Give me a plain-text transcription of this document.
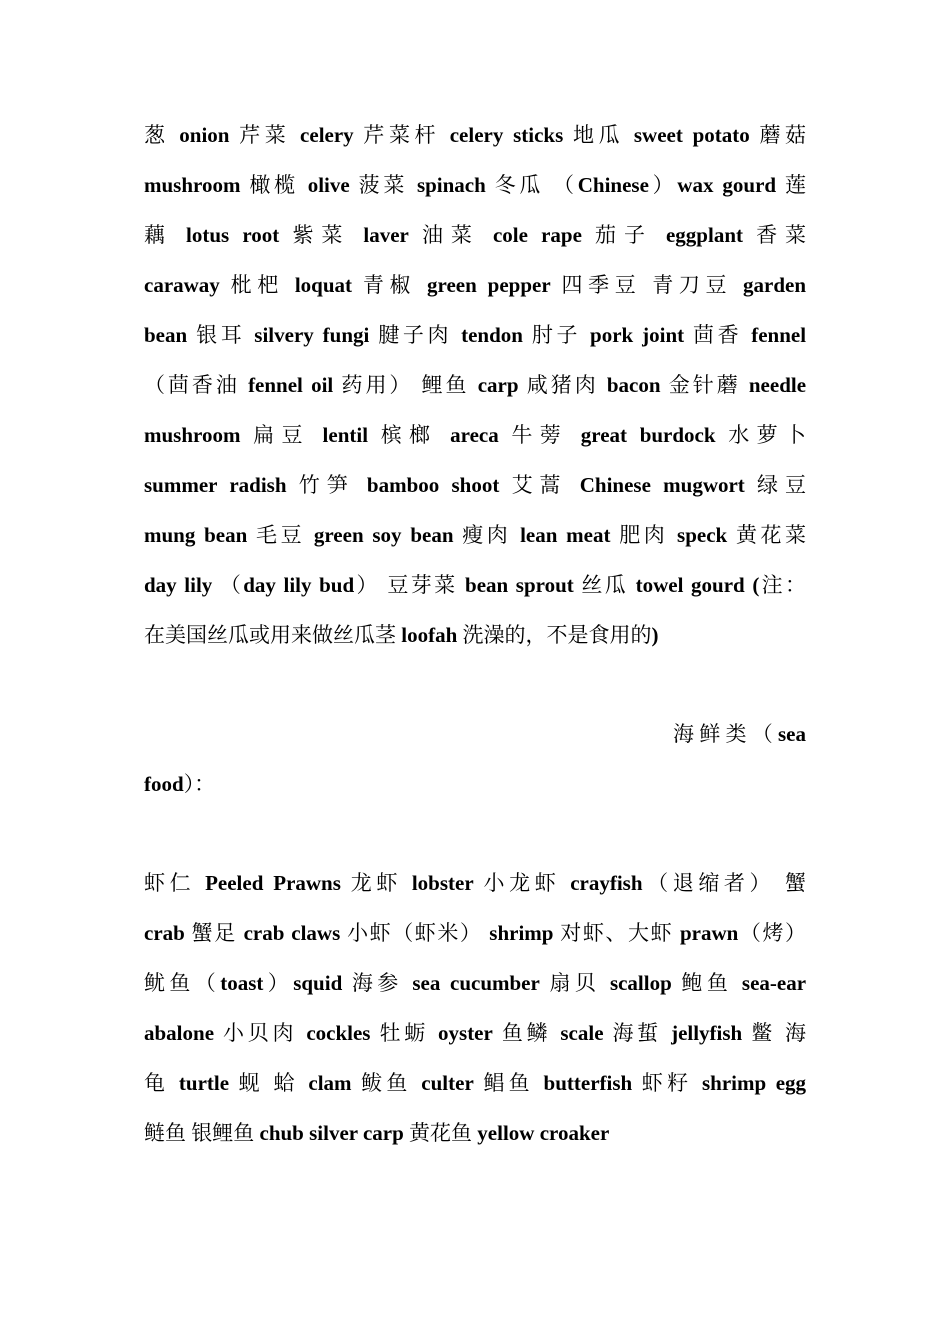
葱 onion 芹菜 celery 芹菜杆 celery sticks 地瓜 sweet potato 蘑菇
mushroom 橄榄 olive 菠菜 spinach 冬瓜 （Chinese）wax gourd 莲
藕 lotus root 紫菜 laver 油菜 cole rape 茄子 eggplant 香菜
caraway 枇杷 loquat 青椒 green pepper 四季豆 青刀豆 garden
bean 银耳 silvery fungi 腱子肉 tendon 肘子 pork joint 茴香 fennel
（茴香油 fennel oil 药用） 鲤鱼 carp 咸猪肉 bacon 金针蘑 needle
mushroom 扁豆 lentil 槟榔 areca 牛蒡 great burdock 水萝卜
summer radish 竹笋 bamboo shoot 艾蒿 Chinese mugwort 绿豆
mung bean 毛豆 green soy bean 瘦肉 lean meat 肥肉 speck 黄花菜
day lily （day lily bud） 豆芽菜 bean sprout 丝瓜 towel gourd (注：
在美国丝瓜或用来做丝瓜茎 loofah 洗澡的，不是食用的)
海 鲜 类 （ sea
food）：
虾仁 Peeled Prawns 龙虾 lobster 小龙虾 crayfish（退缩者） 蟹
crab 蟹足 crab claws 小虾（虾米） shrimp 对虾、大虾 prawn（烤）
鱿鱼（toast）squid 海参 sea cucumber 扇贝 scallop 鲍鱼 sea-ear
abalone 小贝肉 cockles 牡蛎 oyster 鱼鳞 scale 海蜇 jellyfish 鳖 海
龟 turtle 蚬 蛤 clam 鲅鱼 culter 鲳鱼 butterfish 虾籽 shrimp egg
鲢鱼 银鲤鱼 chub silver carp 黄花鱼 yellow croaker
